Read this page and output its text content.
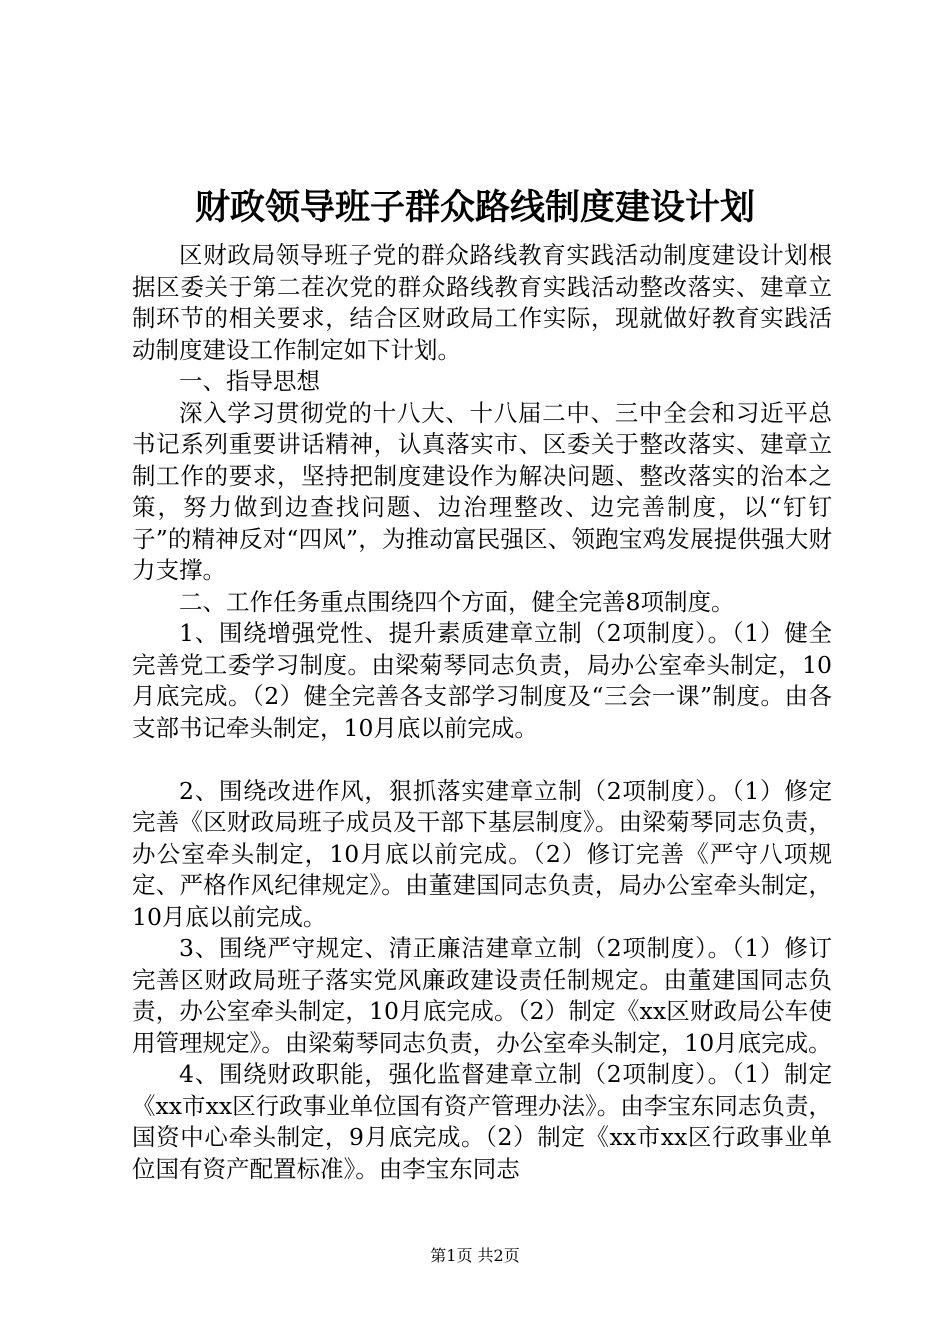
财政领导班子群众路线制度建设计划

区财政局领导班子党的群众路线教育实践活动制度建设计划根据区委关于第二茬次党的群众路线教育实践活动整改落实、建章立制环节的相关要求，结合区财政局工作实际，现就做好教育实践活动制度建设工作制定如下计划。

一、指导思想

深入学习贯彻党的十八大、十八届二中、三中全会和习近平总书记系列重要讲话精神，认真落实市、区委关于整改落实、建章立制工作的要求，坚持把制度建设作为解决问题、整改落实的治本之策，努力做到边查找问题、边治理整改、边完善制度，以“钉钉子”的精神反对“四风”，为推动富民强区、领跑宝鸡发展提供强大财力支撑。

二、工作任务重点围绕四个方面，健全完善8项制度。

1、围绕增强党性、提升素质建章立制（2项制度）。（1）健全完善党工委学习制度。由梁菊琴同志负责，局办公室牵头制定，10月底完成。（2）健全完善各支部学习制度及“三会一课”制度。由各支部书记牵头制定，10月底以前完成。

2、围绕改进作风，狠抓落实建章立制（2项制度）。（1）修定完善《区财政局班子成员及干部下基层制度》。由梁菊琴同志负责，办公室牵头制定，10月底以前完成。（2）修订完善《严守八项规定、严格作风纪律规定》。由董建国同志负责，局办公室牵头制定，10月底以前完成。

3、围绕严守规定、清正廉洁建章立制（2项制度）。（1）修订完善区财政局班子落实党风廉政建设责任制规定。由董建国同志负责，办公室牵头制定，10月底完成。（2）制定《xx区财政局公车使用管理规定》。由梁菊琴同志负责，办公室牵头制定，10月底完成。

4、围绕财政职能，强化监督建章立制（2项制度）。（1）制定《xx市xx区行政事业单位国有资产管理办法》。由李宝东同志负责，国资中心牵头制定，9月底完成。（2）制定《xx市xx区行政事业单位国有资产配置标准》。由李宝东同志

第1页 共2页
